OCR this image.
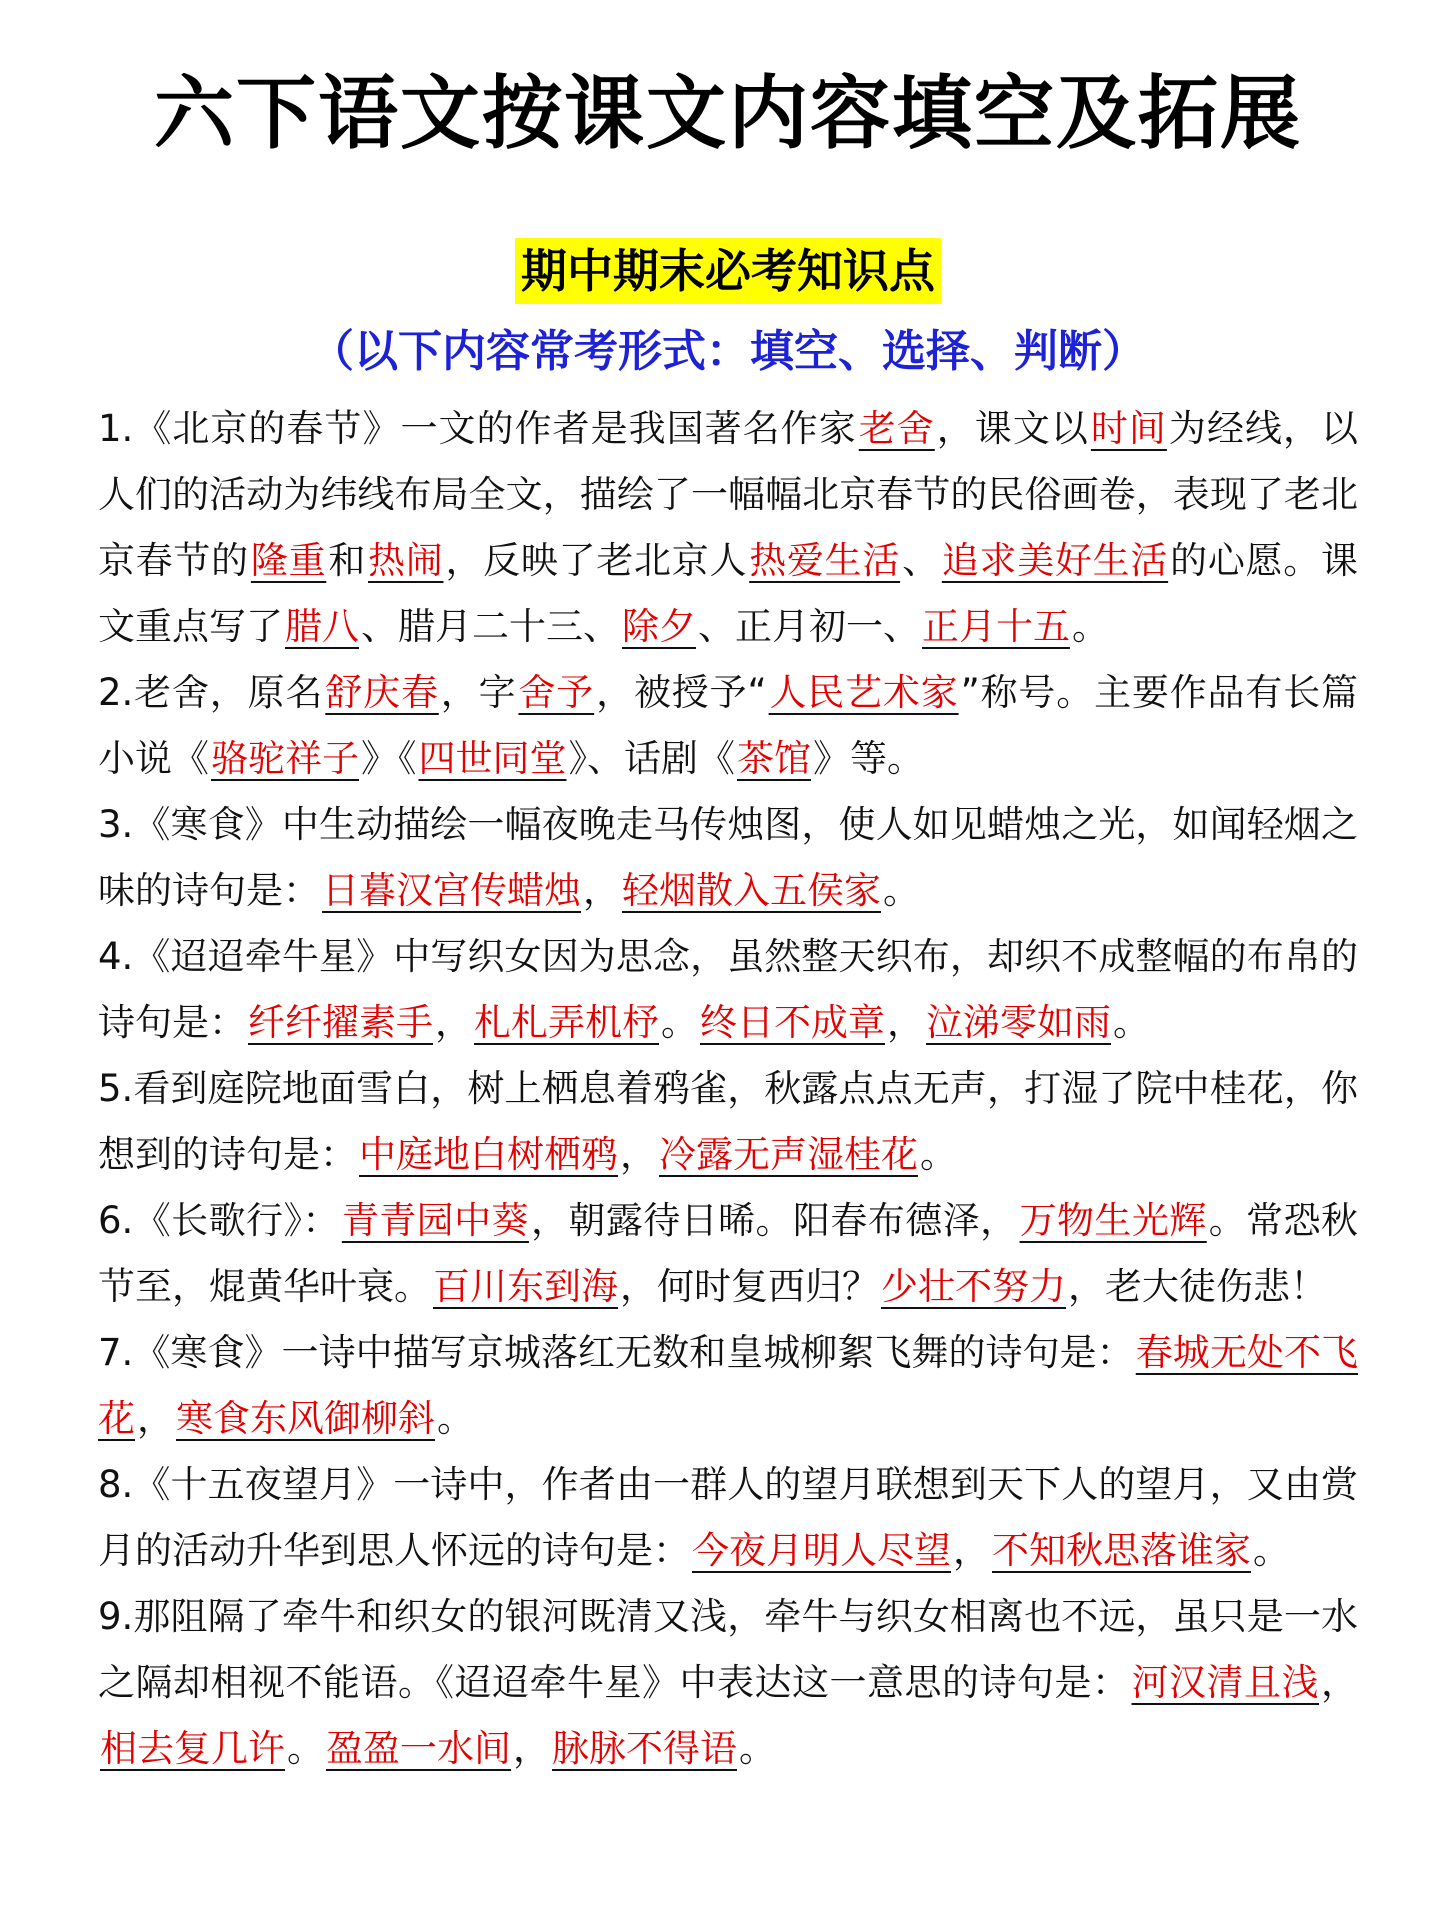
六下语文按课文内容填空及拓展
期中期末必考知识点
（以下内容常考形式：填空、选择、判断）

1.《北京的春节》一文的作者是我国著名作家老舍，课文以时间为经线，以人们的活动为纬线布局全文，描绘了一幅幅北京春节的民俗画卷，表现了老北京春节的隆重和热闹，反映了老北京人热爱生活、追求美好生活的心愿。课文重点写了腊八、腊月二十三、除夕、正月初一、正月十五。

2.老舍，原名舒庆春，字舍予，被授予“人民艺术家”称号。主要作品有长篇小说《骆驼祥子》《四世同堂》、话剧《茶馆》等。

3.《寒食》中生动描绘一幅夜晚走马传烛图，使人如见蜡烛之光，如闻轻烟之味的诗句是：日暮汉宫传蜡烛，轻烟散入五侯家。

4.《迢迢牵牛星》中写织女因为思念，虽然整天织布，却织不成整幅的布帛的诗句是：纤纤擢素手，札札弄机杼。终日不成章，泣涕零如雨。

5.看到庭院地面雪白，树上栖息着鸦雀，秋露点点无声，打湿了院中桂花，你想到的诗句是：中庭地白树栖鸦，冷露无声湿桂花。

6.《长歌行》：青青园中葵，朝露待日晞。阳春布德泽，万物生光辉。常恐秋节至，焜黄华叶衰。百川东到海，何时复西归？少壮不努力，老大徒伤悲！

7.《寒食》一诗中描写京城落红无数和皇城柳絮飞舞的诗句是：春城无处不飞花，寒食东风御柳斜。

8.《十五夜望月》一诗中，作者由一群人的望月联想到天下人的望月，又由赏月的活动升华到思人怀远的诗句是：今夜月明人尽望，不知秋思落谁家。

9.那阻隔了牵牛和织女的银河既清又浅，牵牛与织女相离也不远，虽只是一水之隔却相视不能语。《迢迢牵牛星》中表达这一意思的诗句是：河汉清且浅，相去复几许。盈盈一水间，脉脉不得语。
